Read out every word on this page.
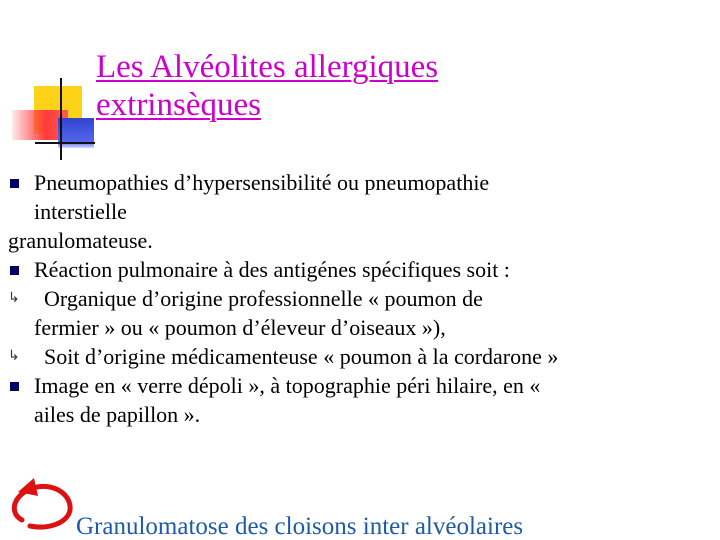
Les Alvéolites allergiques
extrinsèques
Pneumopathies d’hypersensibilité ou pneumopathie
interstielle
granulomateuse.
Réaction pulmonaire à des antigénes spécifiques soit :
↳ Organique d’origine professionnelle « poumon de
fermier » ou « poumon d’éleveur d’oiseaux »),
↳ Soit d’origine médicamenteuse « poumon à la cordarone »
Image en « verre dépoli », à topographie péri hilaire, en «
ailes de papillon ».
Granulomatose des cloisons inter alvéolaires
